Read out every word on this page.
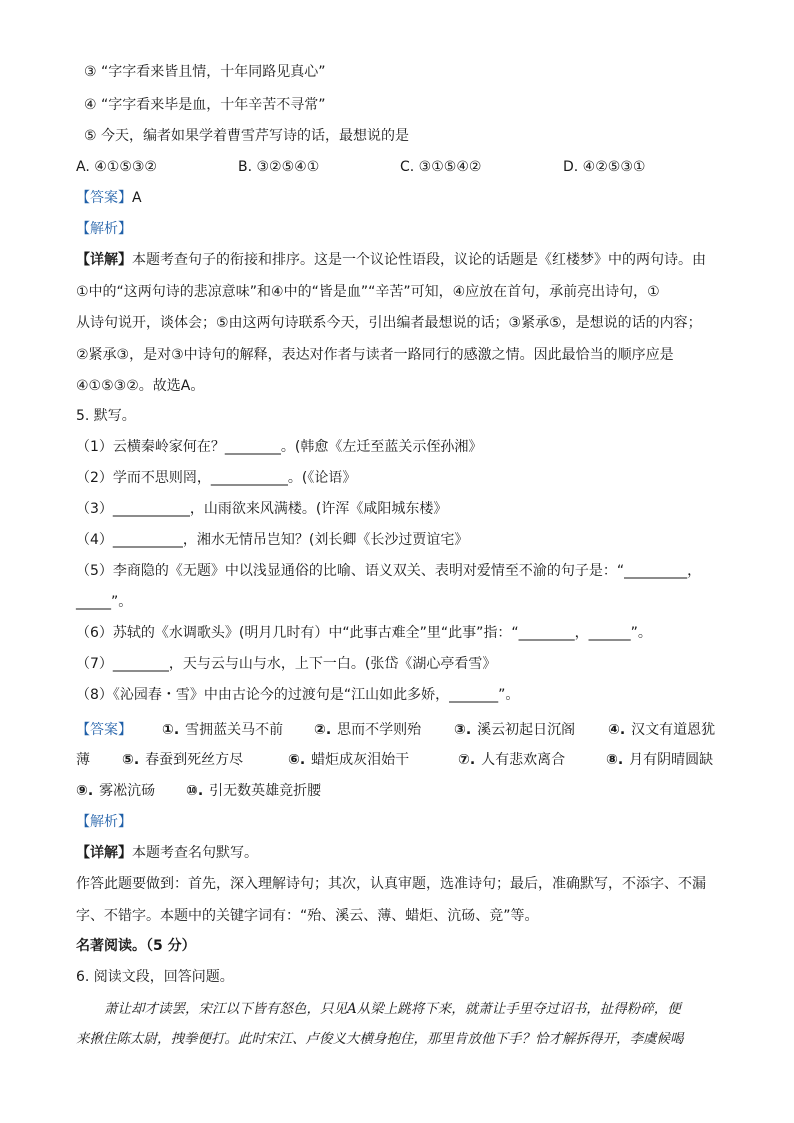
③ “字字看来皆且情，十年同路见真心”
④ “字字看来毕是血，十年辛苦不寻常”
⑤ 今天，编者如果学着曹雪芹写诗的话，最想说的是
A. ④①⑤③②	B. ③②⑤④①	C. ③①⑤④②	D. ④②⑤③①
【答案】A
【解析】
【详解】本题考查句子的衔接和排序。这是一个议论性语段，议论的话题是《红楼梦》中的两句诗。由
①中的“这两句诗的悲凉意味”和④中的“皆是血”“辛苦”可知，④应放在首句，承前亮出诗句，①
从诗句说开，谈体会；⑤由这两句诗联系今天，引出编者最想说的话；③紧承⑤，是想说的话的内容；
②紧承③，是对③中诗句的解释，表达对作者与读者一路同行的感激之情。因此最恰当的顺序应是
④①⑤③②。故选A。
5. 默写。
（1）云横秦岭家何在？________。(韩愈《左迁至蓝关示侄孙湘》
（2）学而不思则罔，___________。(《论语》
（3）___________，山雨欲来风满楼。(许浑《咸阳城东楼》
（4）__________，湘水无情吊岂知？(刘长卿《长沙过贾谊宅》
（5）李商隐的《无题》中以浅显通俗的比喻、语义双关、表明对爱情至不渝的句子是：“_________，
_____”。
（6）苏轼的《水调歌头》(明月几时有）中“此事古难全”里“此事”指：“________，______”。
（7）________，天与云与山与水，上下一白。(张岱《湖心亭看雪》
（8）《沁园春・雪》中由古论今的过渡句是“江山如此多娇，_______”。
【答案】 ①. 雪拥蓝关马不前 ②. 思而不学则殆 ③. 溪云初起日沉阁 ④. 汉文有道恩犹
薄 ⑤. 春蚕到死丝方尽	⑥. 蜡炬成灰泪始干	⑦. 人有悲欢离合	⑧. 月有阴晴圆缺
⑨. 雾凇沆砀 ⑩. 引无数英雄竞折腰
【解析】
【详解】本题考查名句默写。
作答此题要做到：首先，深入理解诗句；其次，认真审题，选准诗句；最后，准确默写，不添字、不漏
字、不错字。本题中的关键字词有：“殆、溪云、薄、蜡炬、沆砀、竞”等。
名著阅读。（5 分）
6. 阅读文段，回答问题。
萧让却才读罢，宋江以下皆有怒色，只见A从梁上跳将下来，就萧让手里夺过诏书，扯得粉碎，便
来揪住陈太尉，拽拳便打。此时宋江、卢俊义大横身抱住，那里肯放他下手？恰才解拆得开，李虞候喝
